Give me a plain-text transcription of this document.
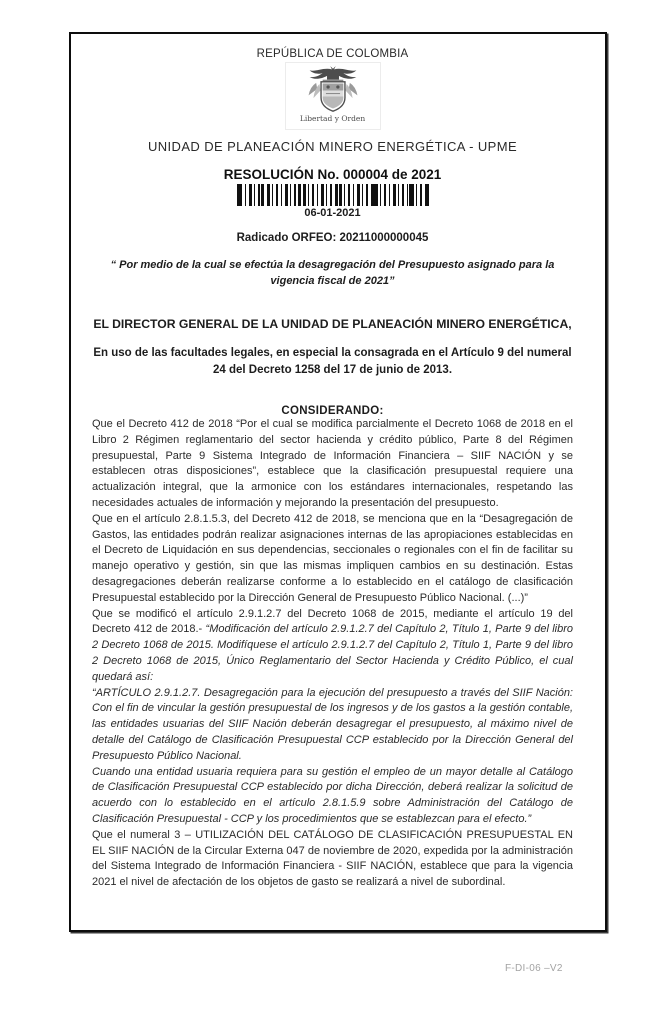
REPÚBLICA DE COLOMBIA
Libertad y Orden
UNIDAD DE PLANEACIÓN MINERO ENERGÉTICA - UPME
RESOLUCIÓN No. 000004 de 2021
06-01-2021
Radicado ORFEO: 20211000000045
“ Por medio de la cual se efectúa la desagregación del Presupuesto asignado para la vigencia fiscal de 2021”
EL DIRECTOR GENERAL DE LA UNIDAD DE PLANEACIÓN MINERO ENERGÉTICA,
En uso de las facultades legales, en especial la consagrada en el Artículo 9 del numeral 24 del Decreto 1258 del 17 de junio de 2013.
CONSIDERANDO:

Que el Decreto 412 de 2018 “Por el cual se modifica parcialmente el Decreto 1068 de 2018 en el Libro 2 Régimen reglamentario del sector hacienda y crédito público, Parte 8 del Régimen presupuestal, Parte 9 Sistema Integrado de Información Financiera – SIIF NACIÓN y se establecen otras disposiciones”, establece que la clasificación presupuestal requiere una actualización integral, que la armonice con los estándares internacionales, respetando las necesidades actuales de información y mejorando la presentación del presupuesto.

Que en el artículo 2.8.1.5.3, del Decreto 412 de 2018, se menciona que en la “Desagregación de Gastos, las entidades podrán realizar asignaciones internas de las apropiaciones establecidas en el Decreto de Liquidación en sus dependencias, seccionales o regionales con el fin de facilitar su manejo operativo y gestión, sin que las mismas impliquen cambios en su destinación. Estas desagregaciones deberán realizarse conforme a lo establecido en el catálogo de clasificación Presupuestal establecido por la Dirección General de Presupuesto Público Nacional. (...)”

Que se modificó el artículo 2.9.1.2.7 del Decreto 1068 de 2015, mediante el artículo 19 del Decreto 412 de 2018.- “Modificación del artículo 2.9.1.2.7 del Capítulo 2, Título 1, Parte 9 del libro 2 Decreto 1068 de 2015. Modifíquese el artículo 2.9.1.2.7 del Capítulo 2, Título 1, Parte 9 del libro 2 Decreto 1068 de 2015, Único Reglamentario del Sector Hacienda y Crédito Público, el cual quedará así:

“ARTÍCULO 2.9.1.2.7. Desagregación para la ejecución del presupuesto a través del SIIF Nación: Con el fin de vincular la gestión presupuestal de los ingresos y de los gastos a la gestión contable, las entidades usuarias del SIIF Nación deberán desagregar el presupuesto, al máximo nivel de detalle del Catálogo de Clasificación Presupuestal CCP establecido por la Dirección General del Presupuesto Público Nacional.

Cuando una entidad usuaria requiera para su gestión el empleo de un mayor detalle al Catálogo de Clasificación Presupuestal CCP establecido por dicha Dirección, deberá realizar la solicitud de acuerdo con lo establecido en el artículo 2.8.1.5.9 sobre Administración del Catálogo de Clasificación Presupuestal - CCP y los procedimientos que se establezcan para el efecto.”

Que el numeral 3 – UTILIZACIÓN DEL CATÁLOGO DE CLASIFICACIÓN PRESUPUESTAL EN EL SIIF NACIÓN de la Circular Externa 047 de noviembre de 2020, expedida por la administración del Sistema Integrado de Información Financiera - SIIF NACIÓN, establece que para la vigencia 2021 el nivel de afectación de los objetos de gasto se realizará a nivel de subordinal.

F-DI-06 –V2
